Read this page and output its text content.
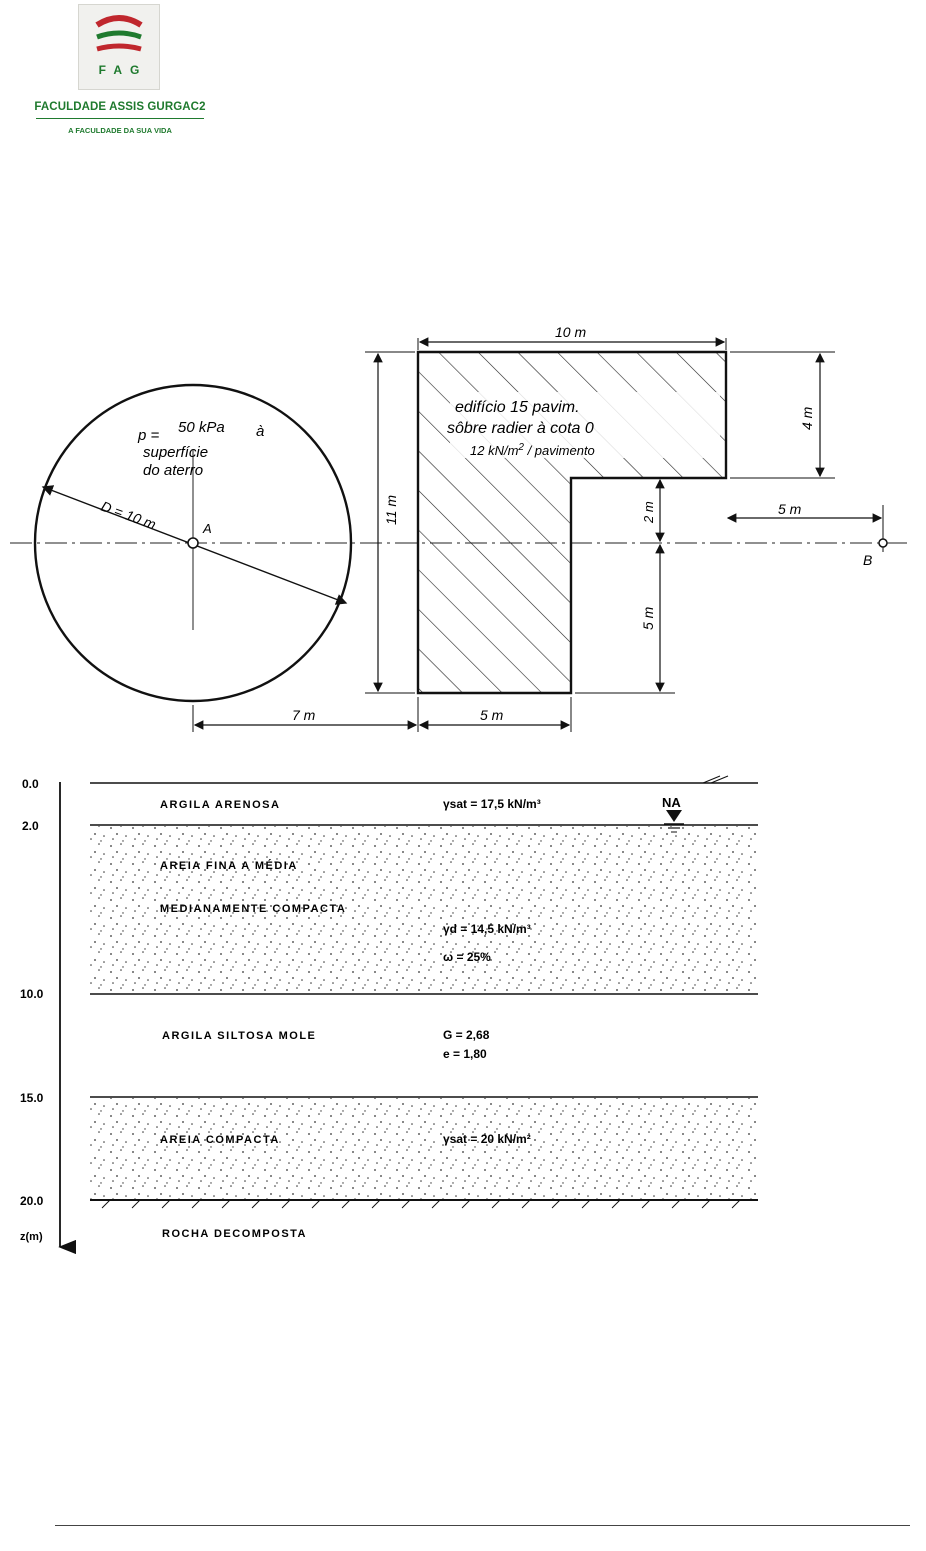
FAG
FACULDADE ASSIS GURGAC2
A FACULDADE DA SUA VIDA
A
p = 50 kPa à
superfície
do aterro
D = 10 m
edifício 15 pavim.
sôbre radier à cota 0
12 $kN/m^2$ / pavimento
10 m
11 m
4 m
2 m
5 m
5 m
B
7 m	5 m
z(m)
0.0
2.0
10.0
15.0
20.0
NA
ARGILA ARENOSA	γsat = 17,5 kN/m³
AREIA FINA A MÉDIA
MEDIANAMENTE COMPACTA
γd = 14,5 kN/m³
ω = 25%
ARGILA SILTOSA MOLE	G = 2,68
e = 1,80
AREIA COMPACTA	γsat = 20 kN/m²
ROCHA DECOMPOSTA
